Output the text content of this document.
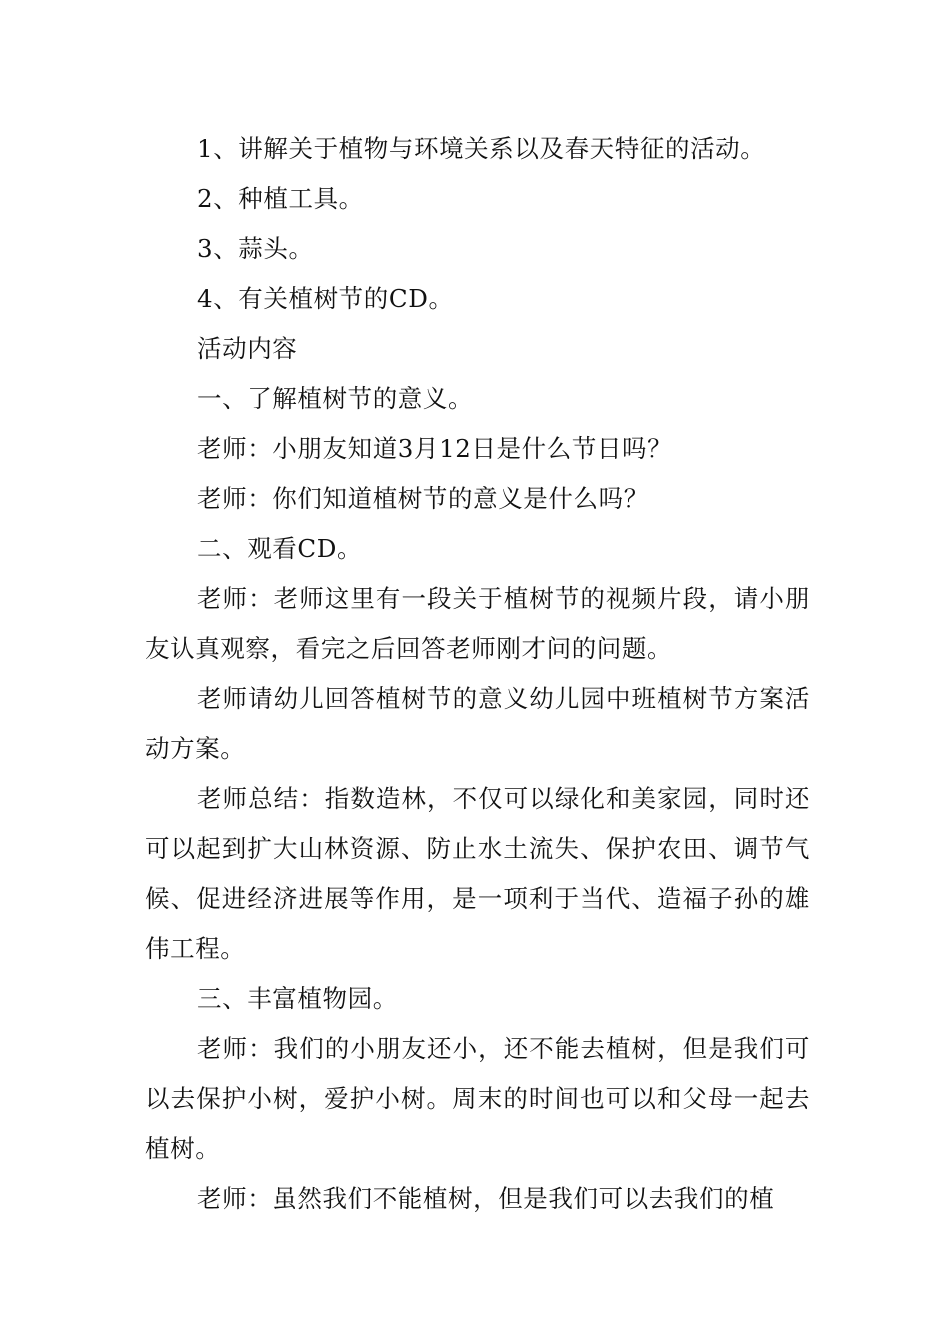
1、讲解关于植物与环境关系以及春天特征的活动。

2、种植工具。

3、蒜头。

4、有关植树节的CD。

活动内容

一、了解植树节的意义。

老师：小朋友知道3月12日是什么节日吗？

老师：你们知道植树节的意义是什么吗？

二、观看CD。

老师：老师这里有一段关于植树节的视频片段，请小朋友认真观察，看完之后回答老师刚才问的问题。

老师请幼儿回答植树节的意义幼儿园中班植树节方案活动方案。

老师总结：指数造林，不仅可以绿化和美家园，同时还可以起到扩大山林资源、防止水土流失、保护农田、调节气候、促进经济进展等作用，是一项利于当代、造福子孙的雄伟工程。

三、丰富植物园。

老师：我们的小朋友还小，还不能去植树，但是我们可以去保护小树，爱护小树。周末的时间也可以和父母一起去植树。

老师：虽然我们不能植树，但是我们可以去我们的植
